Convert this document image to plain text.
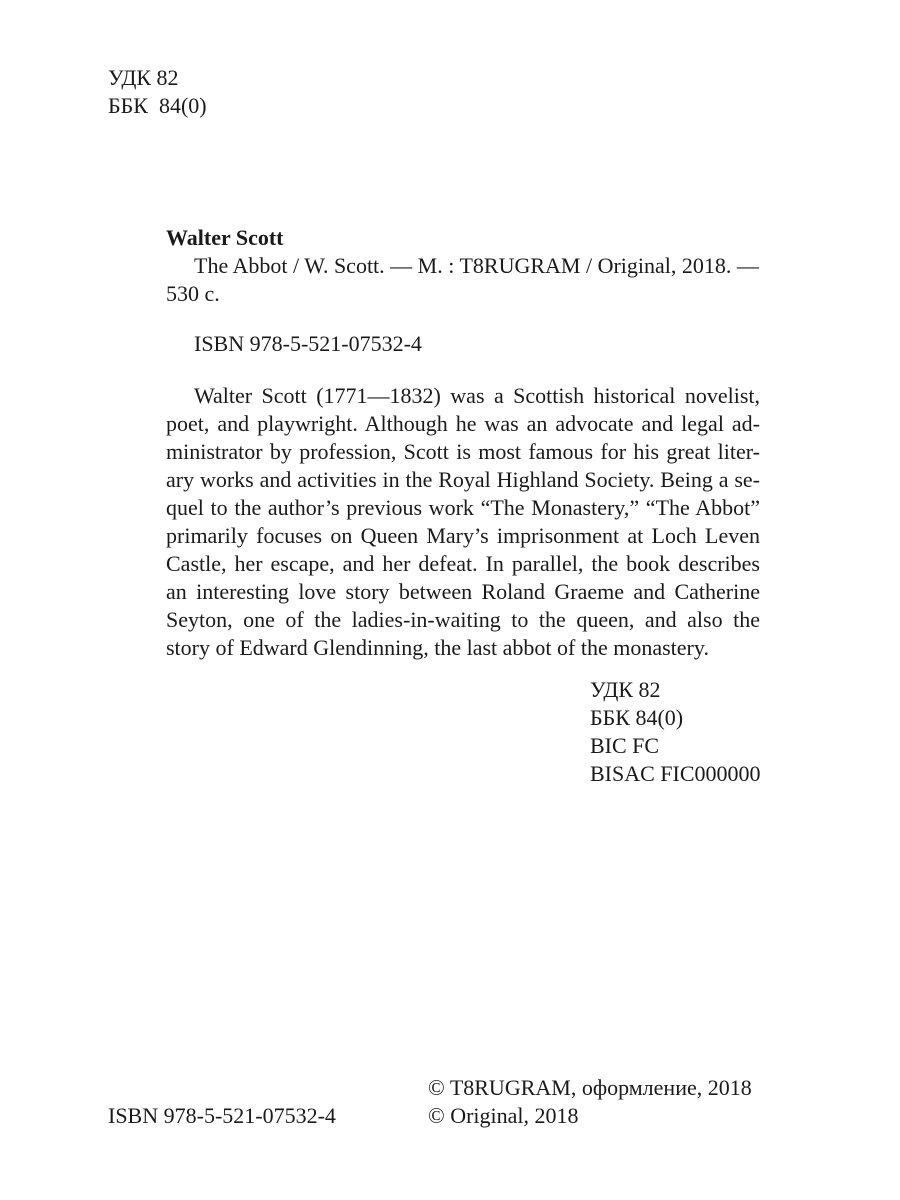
УДК 82
ББК  84(0)
Walter Scott
The Abbot / W. Scott. — M. : T8RUGRAM / Original, 2018. —
530 с.
ISBN 978-5-521-07532-4
Walter Scott (1771—1832) was a Scottish historical novelist,
poet, and playwright. Although he was an advocate and legal ad-
ministrator by profession, Scott is most famous for his great liter-
ary works and activities in the Royal Highland Society. Being a se-
quel to the author’s previous work “The Monastery,” “The Abbot”
primarily focuses on Queen Mary’s imprisonment at Loch Leven
Castle, her escape, and her defeat. In parallel, the book describes
an interesting love story between Roland Graeme and Catherine
Seyton, one of the ladies-in-waiting to the queen, and also the
story of Edward Glendinning, the last abbot of the monastery.
УДК 82
ББК 84(0)
BIC FC
BISAC FIC000000
ISBN 978-5-521-07532-4
© T8RUGRAM, оформление, 2018
© Original, 2018
